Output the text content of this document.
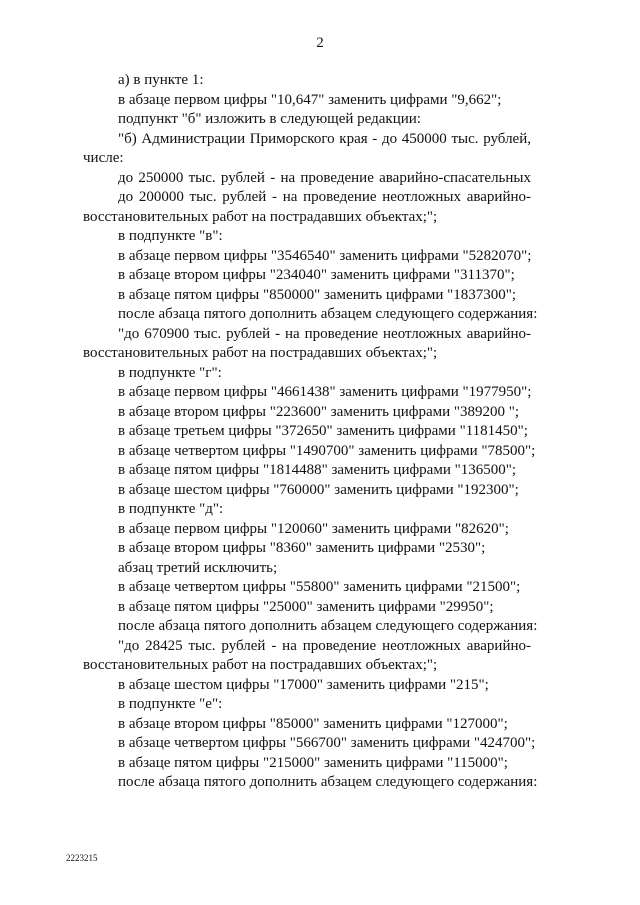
2
а) в пункте 1:
в абзаце первом цифры "10,647" заменить цифрами "9,662";
подпункт "б" изложить в следующей редакции:
"б) Администрации Приморского края - до 450000 тыс. рублей,
числе:
до 250000 тыс. рублей - на проведение аварийно-спасательных
до 200000 тыс. рублей - на проведение неотложных аварийно-
восстановительных работ на пострадавших объектах;";
в подпункте "в":
в абзаце первом цифры "3546540" заменить цифрами "5282070";
в абзаце втором цифры "234040" заменить цифрами "311370";
в абзаце пятом цифры "850000" заменить цифрами "1837300";
после абзаца пятого дополнить абзацем следующего содержания:
"до 670900 тыс. рублей - на проведение неотложных аварийно-
восстановительных работ на пострадавших объектах;";
в подпункте "г":
в абзаце первом цифры "4661438" заменить цифрами "1977950";
в абзаце втором цифры "223600" заменить цифрами "389200 ";
в абзаце третьем цифры "372650" заменить цифрами "1181450";
в абзаце четвертом цифры "1490700" заменить цифрами "78500";
в абзаце пятом цифры "1814488" заменить цифрами "136500";
в абзаце шестом цифры "760000" заменить цифрами "192300";
в подпункте "д":
в абзаце первом цифры "120060" заменить цифрами "82620";
в абзаце втором цифры "8360" заменить цифрами "2530";
абзац третий исключить;
в абзаце четвертом цифры "55800" заменить цифрами "21500";
в абзаце пятом цифры "25000" заменить цифрами "29950";
после абзаца пятого дополнить абзацем следующего содержания:
"до 28425 тыс. рублей - на проведение неотложных аварийно-
восстановительных работ на пострадавших объектах;";
в абзаце шестом цифры "17000" заменить цифрами "215";
в подпункте "е":
в абзаце втором цифры "85000" заменить цифрами "127000";
в абзаце четвертом цифры "566700" заменить цифрами "424700";
в абзаце пятом цифры "215000" заменить цифрами "115000";
после абзаца пятого дополнить абзацем следующего содержания:
2223215
